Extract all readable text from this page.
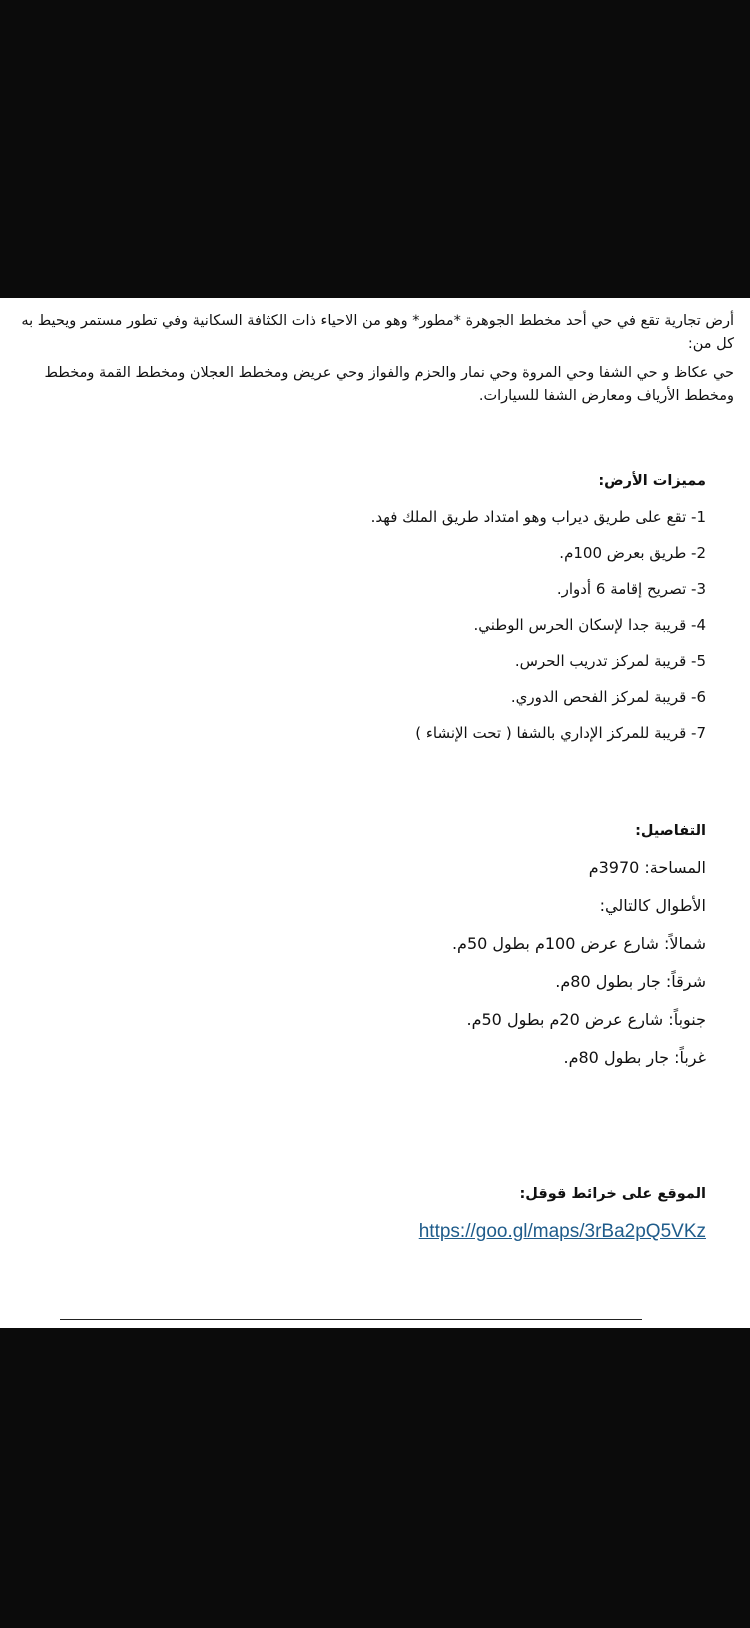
أرض تجارية تقع في حي أحد مخطط الجوهرة *مطور* وهو من الاحياء ذات الكثافة السكانية وفي تطور مستمر ويحيط به كل من:

حي عكاظ و حي الشفا وحي المروة وحي نمار والحزم والفواز وحي عريض ومخطط العجلان ومخطط القمة ومخطط ومخطط الأرياف ومعارض الشفا للسيارات.

مميزات الأرض:
1- تقع على طريق ديراب وهو امتداد طريق الملك فهد.
2- طريق بعرض 100م.
3- تصريح إقامة 6 أدوار.
4- قريبة جدا لإسكان الحرس الوطني.
5- قريبة لمركز تدريب الحرس.
6- قريبة لمركز الفحص الدوري.
7- قريبة للمركز الإداري بالشفا ( تحت الإنشاء )
التفاصيل:
المساحة: 3970م
الأطوال كالتالي:
شمالاً: شارع عرض 100م بطول 50م.
شرقاً: جار بطول 80م.
جنوباً: شارع عرض 20م بطول 50م.
غرباً: جار بطول 80م.
الموقع على خرائط قوقل:
https://goo.gl/maps/3rBa2pQ5VKz
